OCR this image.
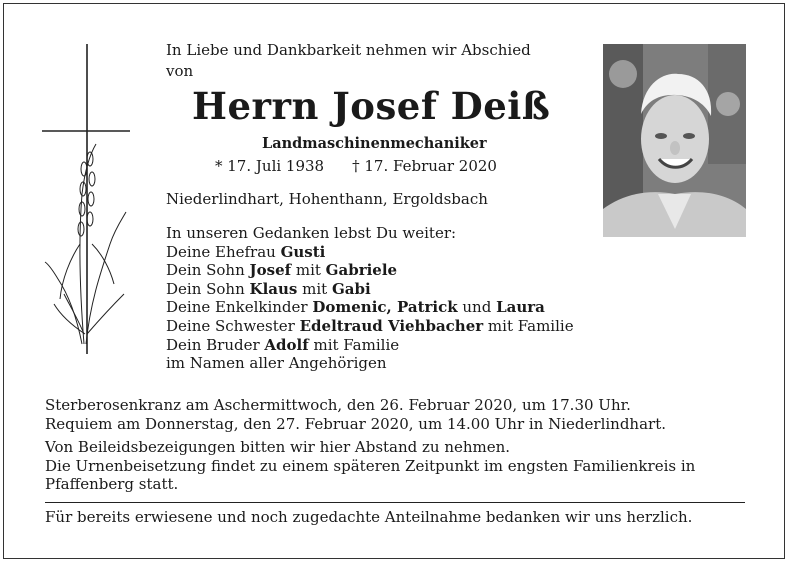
In Liebe und Dankbarkeit nehmen wir Abschied
von
Herrn Josef Deiß
Landmaschinenmechaniker
* 17. Juli 1938 † 17. Februar 2020
Niederlindhart, Hohenthann, Ergoldsbach
In unseren Gedanken lebst Du weiter:
Deine Ehefrau Gusti
Dein Sohn Josef mit Gabriele
Dein Sohn Klaus mit Gabi
Deine Enkelkinder Domenic, Patrick und Laura
Deine Schwester Edeltraud Viehbacher mit Familie
Dein Bruder Adolf mit Familie
im Namen aller Angehörigen
Sterberosenkranz am Aschermittwoch, den 26. Februar 2020, um 17.30 Uhr.
Requiem am Donnerstag, den 27. Februar 2020, um 14.00 Uhr in Niederlindhart.
Von Beileidsbezeigungen bitten wir hier Abstand zu nehmen.
Die Urnenbeisetzung findet zu einem späteren Zeitpunkt im engsten Familienkreis in
Pfaffenberg statt.
Für bereits erwiesene und noch zugedachte Anteilnahme bedanken wir uns herzlich.
